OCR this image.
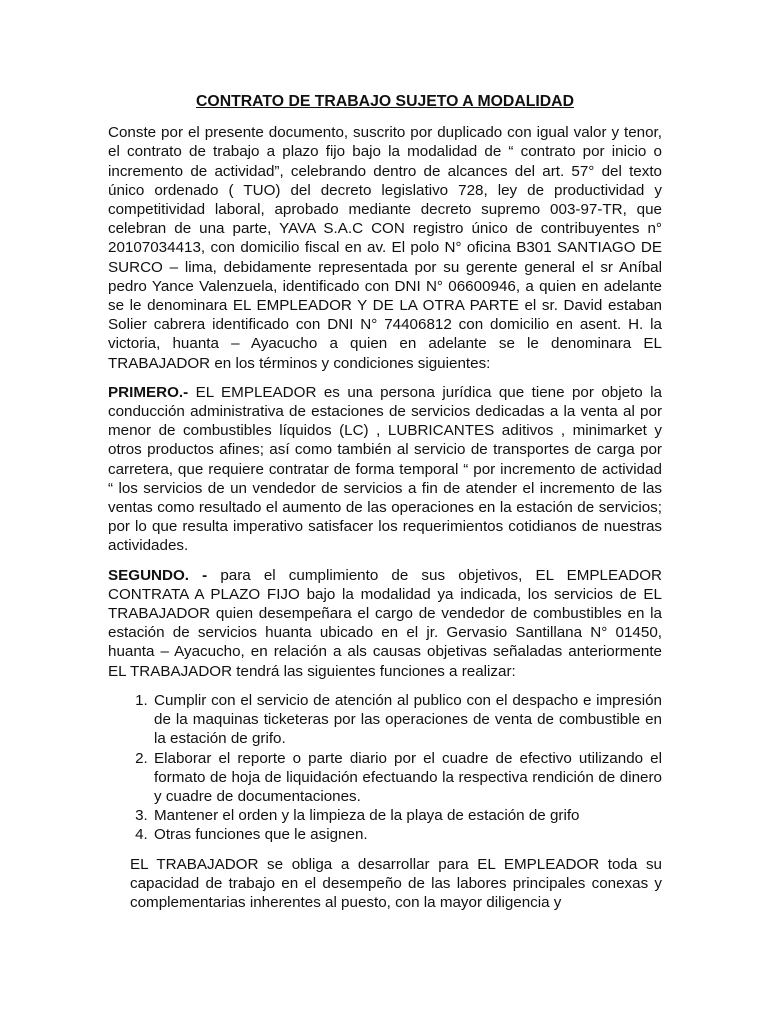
CONTRATO DE TRABAJO SUJETO A MODALIDAD

Conste por el presente documento, suscrito por duplicado con igual valor y tenor, el contrato de trabajo a plazo fijo bajo la modalidad de “ contrato por inicio o incremento de actividad”, celebrando dentro de alcances del art. 57° del texto único ordenado ( TUO) del decreto legislativo 728, ley de productividad y competitividad laboral, aprobado mediante decreto supremo 003-97-TR, que celebran de una parte, YAVA S.A.C CON registro único de contribuyentes n° 20107034413, con domicilio fiscal en av. El polo N° oficina B301 SANTIAGO DE SURCO – lima, debidamente representada por su gerente general el sr Aníbal pedro Yance Valenzuela, identificado con DNI N° 06600946, a quien en adelante se le denominara EL EMPLEADOR Y DE LA OTRA PARTE el sr. David estaban Solier cabrera identificado con DNI N° 74406812 con domicilio en asent. H. la victoria, huanta – Ayacucho a quien en adelante se le denominara EL TRABAJADOR en los términos y condiciones siguientes:

PRIMERO.- EL EMPLEADOR es una persona jurídica que tiene por objeto la conducción administrativa de estaciones de servicios dedicadas a la venta al por menor de combustibles líquidos (LC) , LUBRICANTES aditivos , minimarket y otros productos afines; así como también al servicio de transportes de carga por carretera, que requiere contratar de forma temporal “ por incremento de actividad “ los servicios de un vendedor de servicios a fin de atender el incremento de las ventas como resultado el aumento de las operaciones en la estación de servicios; por lo que resulta imperativo satisfacer los requerimientos cotidianos de nuestras actividades.

SEGUNDO. - para el cumplimiento de sus objetivos, EL EMPLEADOR CONTRATA A PLAZO FIJO bajo la modalidad ya indicada, los servicios de EL TRABAJADOR quien desempeñara el cargo de vendedor de combustibles en la estación de servicios huanta ubicado en el jr. Gervasio Santillana N° 01450, huanta – Ayacucho, en relación a als causas objetivas señaladas anteriormente EL TRABAJADOR tendrá las siguientes funciones a realizar:

1. Cumplir con el servicio de atención al publico con el despacho e impresión de la maquinas ticketeras por las operaciones de venta de combustible en la estación de grifo.
2. Elaborar el reporte o parte diario por el cuadre de efectivo utilizando el formato de hoja de liquidación efectuando la respectiva rendición de dinero y cuadre de documentaciones.
3. Mantener el orden y la limpieza de la playa de estación de grifo
4. Otras funciones que le asignen.

EL TRABAJADOR se obliga a desarrollar para EL EMPLEADOR toda su capacidad de trabajo en el desempeño de las labores principales conexas y complementarias inherentes al puesto, con la mayor diligencia y
